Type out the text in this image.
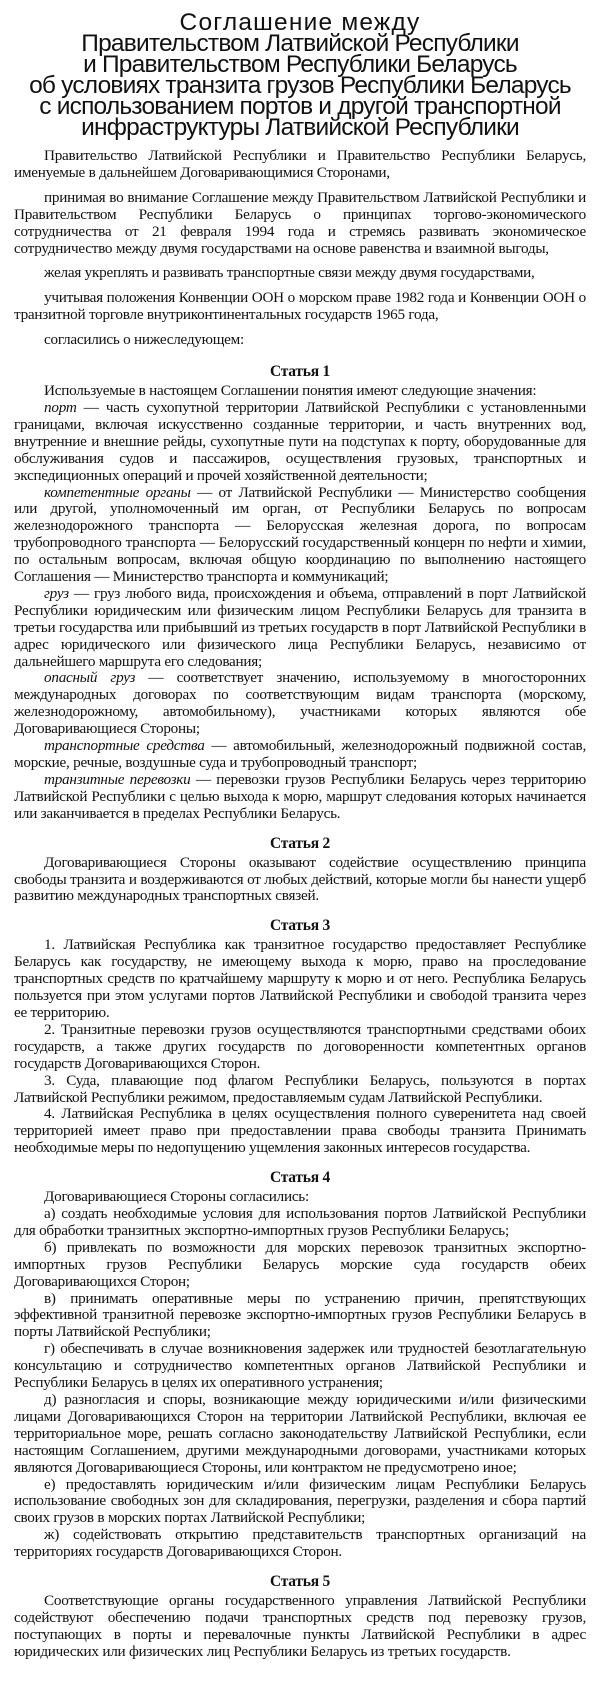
Соглашение между
Правительством Латвийской Республики
и Правительством Республики Беларусь
об условиях транзита грузов Республики Беларусь
с использованием портов и другой транспортной
инфраструктуры Латвийской Республики

Правительство Латвийской Республики и Правительство Республики Беларусь, именуемые в дальнейшем Договаривающимися Сторонами,

принимая во внимание Соглашение между Правительством Латвийской Республики и Правительством Республики Беларусь о принципах торгово-экономического сотрудничества от 21 февраля 1994 года и стремясь развивать экономическое сотрудничество между двумя государствами на основе равенства и взаимной выгоды,

желая укреплять и развивать транспортные связи между двумя государствами,

учитывая положения Конвенции ООН о морском праве 1982 года и Конвенции ООН о транзитной торговле внутриконтинентальных государств 1965 года,

согласились о нижеследующем:

Статья 1

Используемые в настоящем Соглашении понятия имеют следующие значения:

порт — часть сухопутной территории Латвийской Республики с установленными границами, включая искусственно созданные территории, и часть внутренних вод, внутренние и внешние рейды, сухопутные пути на подступах к порту, оборудованные для обслуживания судов и пассажиров, осуществления грузовых, транспортных и экспедиционных операций и прочей хозяйственной деятельности;

компетентные органы — от Латвийской Республики — Министерство сообщения или другой, уполномоченный им орган, от Республики Беларусь по вопросам железнодорожного транспорта — Белорусская железная дорога, по вопросам трубопроводного транспорта — Белорусский государственный концерн по нефти и химии, по остальным вопросам, включая общую координацию по выполнению настоящего Соглашения — Министерство транспорта и коммуникаций;

груз — груз любого вида, происхождения и объема, отправлений в порт Латвийской Республики юридическим или физическим лицом Республики Беларусь для транзита в третьи государства или прибывший из третьих государств в порт Латвийской Республики в адрес юридического или физического лица Республики Беларусь, независимо от дальнейшего маршрута его следования;

опасный груз — соответствует значению, используемому в многосторонних международных договорах по соответствующим видам транспорта (морскому, железнодорожному, автомобильному), участниками которых являются обе Договаривающиеся Стороны;

транспортные средства — автомобильный, железнодорожный подвижной состав, морские, речные, воздушные суда и трубопроводный транспорт;

транзитные перевозки — перевозки грузов Республики Беларусь через территорию Латвийской Республики с целью выхода к морю, маршрут следования которых начинается или заканчивается в пределах Республики Беларусь.

Статья 2

Договаривающиеся Стороны оказывают содействие осуществлению принципа свободы транзита и воздерживаются от любых действий, которые могли бы нанести ущерб развитию международных транспортных связей.

Статья 3

1. Латвийская Республика как транзитное государство предоставляет Республике Беларусь как государству, не имеющему выхода к морю, право на проследование транспортных средств по кратчайшему маршруту к морю и от него. Республика Беларусь пользуется при этом услугами портов Латвийской Республики и свободой транзита через ее территорию.

2. Транзитные перевозки грузов осуществляются транспортными средствами обоих государств, а также других государств по договоренности компетентных органов государств Договаривающихся Сторон.

3. Суда, плавающие под флагом Республики Беларусь, пользуются в портах Латвийской Республики режимом, предоставляемым судам Латвийской Республики.

4. Латвийская Республика в целях осуществления полного суверенитета над своей территорией имеет право при предоставлении права свободы транзита Принимать необходимые меры по недопущению ущемления законных интересов государства.

Статья 4

Договаривающиеся Стороны согласились:

а) создать необходимые условия для использования портов Латвийской Республики для обработки транзитных экспортно-импортных грузов Республики Беларусь;

б) привлекать по возможности для морских перевозок транзитных экспортно-импортных грузов Республики Беларусь морские суда государств обеих Договаривающихся Сторон;

в) принимать оперативные меры по устранению причин, препятствующих эффективной транзитной перевозке экспортно-импортных грузов Республики Беларусь в порты Латвийской Республики;

г) обеспечивать в случае возникновения задержек или трудностей безотлагательную консультацию и сотрудничество компетентных органов Латвийской Республики и Республики Беларусь в целях их оперативного устранения;

д) разногласия и споры, возникающие между юридическими и/или физическими лицами Договаривающихся Сторон на территории Латвийской Республики, включая ее территориальное море, решать согласно законодательству Латвийской Республики, если настоящим Соглашением, другими международными договорами, участниками которых являются Договаривающиеся Стороны, или контрактом не предусмотрено иное;

е) предоставлять юридическим и/или физическим лицам Республики Беларусь использование свободных зон для складирования, перегрузки, разделения и сбора партий своих грузов в морских портах Латвийской Республики;

ж) содействовать открытию представительств транспортных организаций на территориях государств Договаривающихся Сторон.

Статья 5

Соответствующие органы государственного управления Латвийской Республики содействуют обеспечению подачи транспортных средств под перевозку грузов, поступающих в порты и перевалочные пункты Латвийской Республики в адрес юридических или физических лиц Республики Беларусь из третьих государств.
